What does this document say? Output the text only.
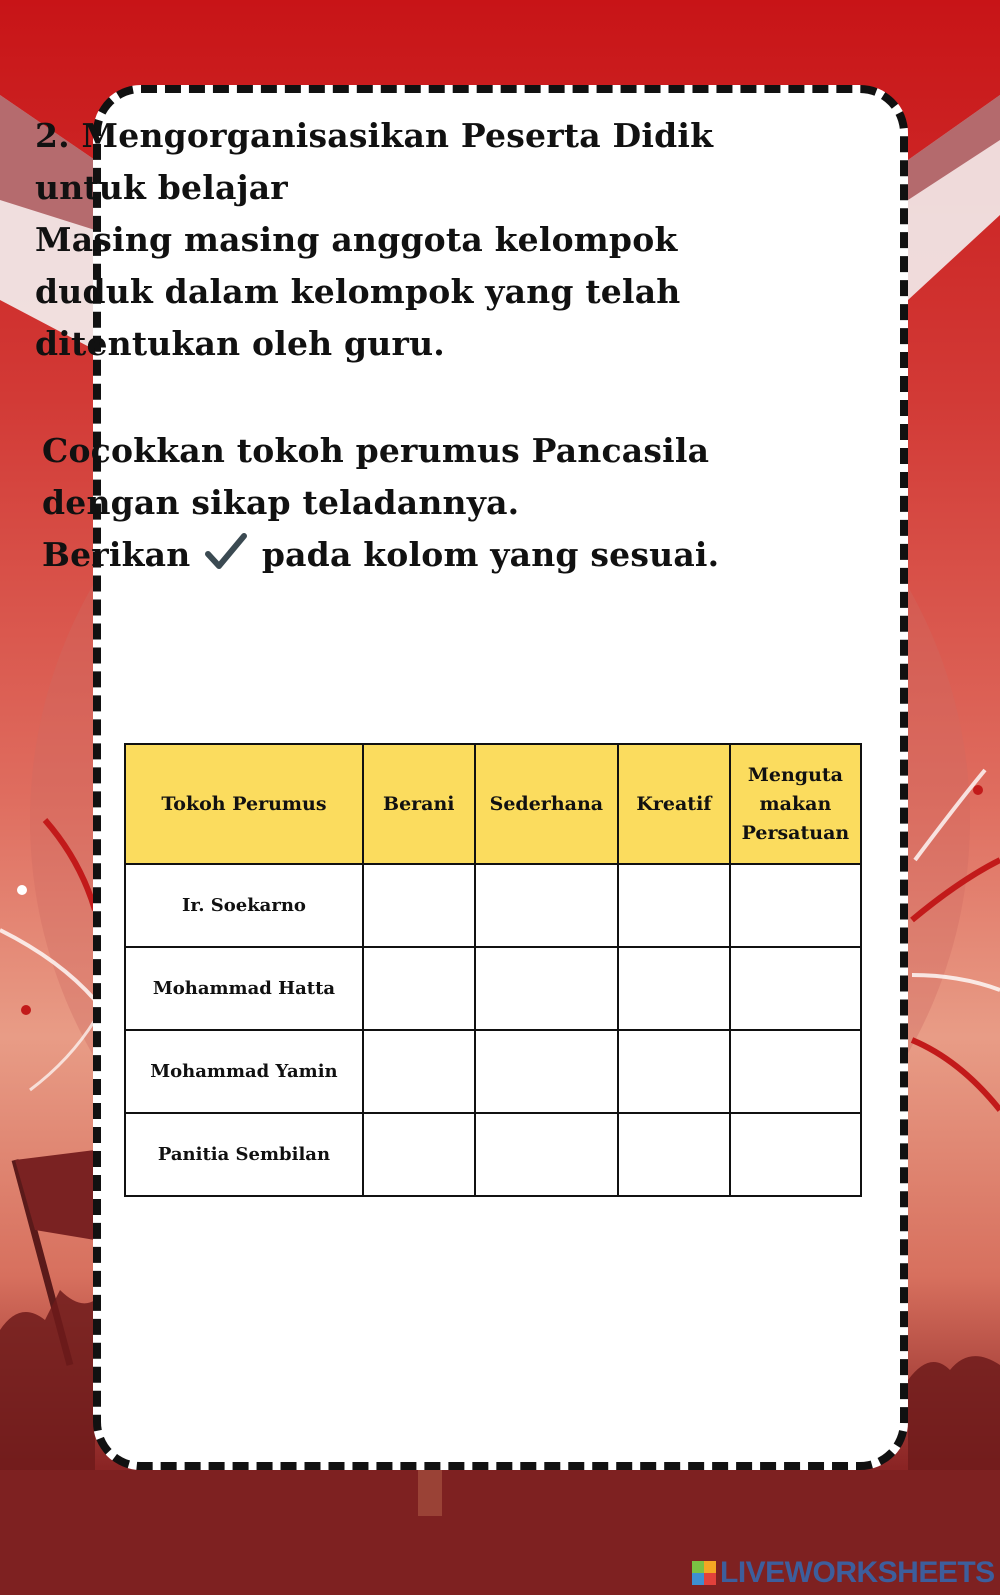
2. Mengorganisasikan Peserta Didik untuk belajar
Masing masing anggota kelompok duduk dalam kelompok yang telah ditentukan oleh guru.

Cocokkan tokoh perumus Pancasila dengan sikap teladannya.
Berikan  pada kolom yang sesuai.

Tokoh Perumus	Berani	Sederhana	Kreatif	Menguta makan Persatuan
Ir. Soekarno				
Mohammad Hatta				
Mohammad Yamin				
Panitia Sembilan				
LIVEWORKSHEETS
